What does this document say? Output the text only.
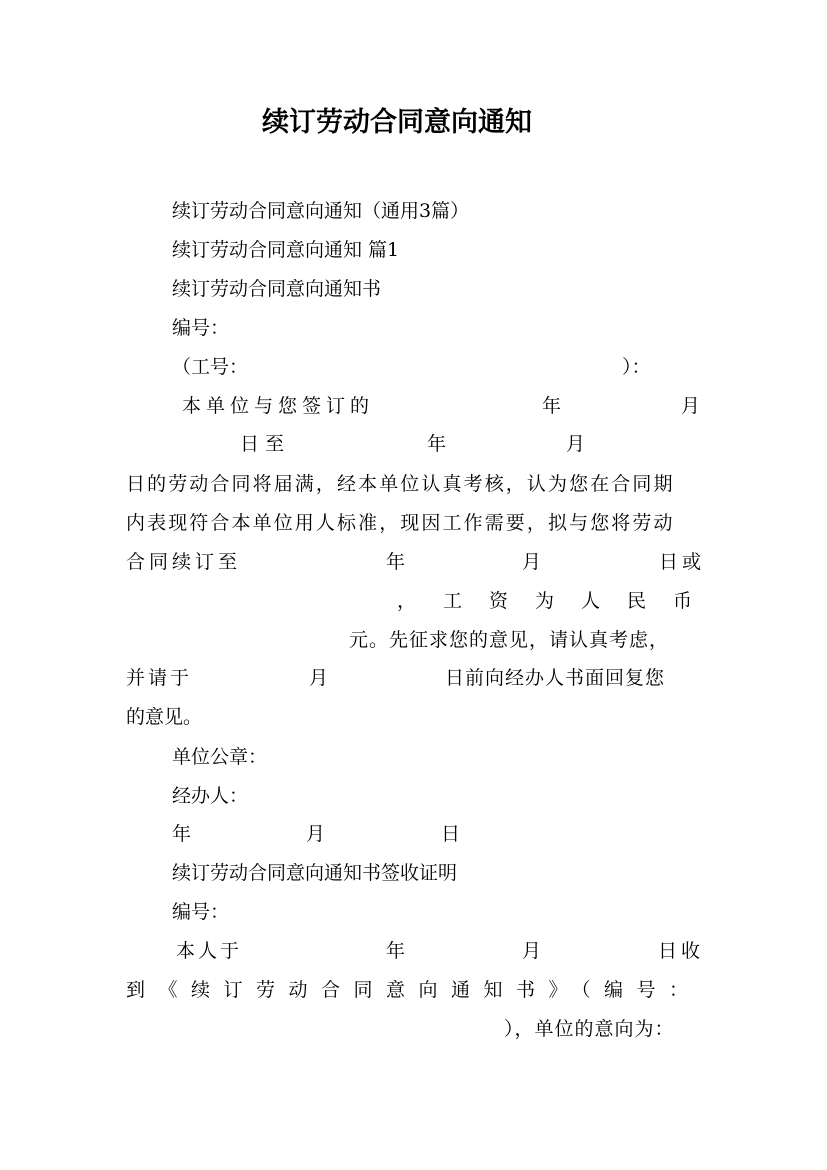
续订劳动合同意向通知
续订劳动合同意向通知（通用3篇）
续订劳动合同意向通知 篇1
续订劳动合同意向通知书
编号：
（工号：	）：
本单位与您签订的	年	月
日至	年	月
日的劳动合同将届满，经本单位认真考核，认为您在合同期
内表现符合本单位用人标准，现因工作需要，拟与您将劳动
合同续订至	年	月	日或
，工资为人民币
元。先征求您的意见，请认真考虑，
并请于	月	日前向经办人书面回复您
的意见。
单位公章：
经办人：
年	月	日
续订劳动合同意向通知书签收证明
编号：
本人于	年	月	日收
到《续订劳动合同意向通知书》（编号：
），单位的意向为：
